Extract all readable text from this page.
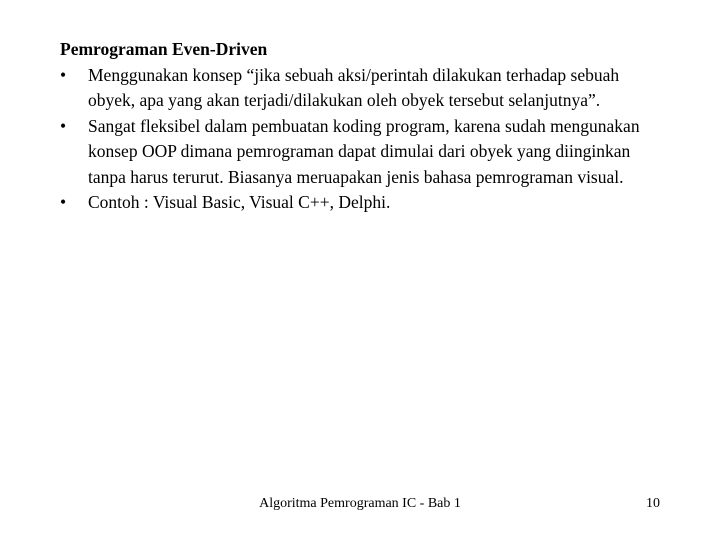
Pemrograman Even-Driven

•	Menggunakan konsep “jika sebuah aksi/perintah dilakukan terhadap sebuah obyek, apa yang akan terjadi/dilakukan oleh obyek tersebut selanjutnya”.
•	Sangat fleksibel dalam pembuatan koding program, karena sudah mengunakan konsep OOP dimana pemrograman dapat dimulai dari obyek yang diinginkan tanpa harus terurut. Biasanya meruapakan jenis bahasa pemrograman visual.
•	Contoh : Visual Basic, Visual C++, Delphi.
Algoritma Pemrograman IC - Bab 1	10
